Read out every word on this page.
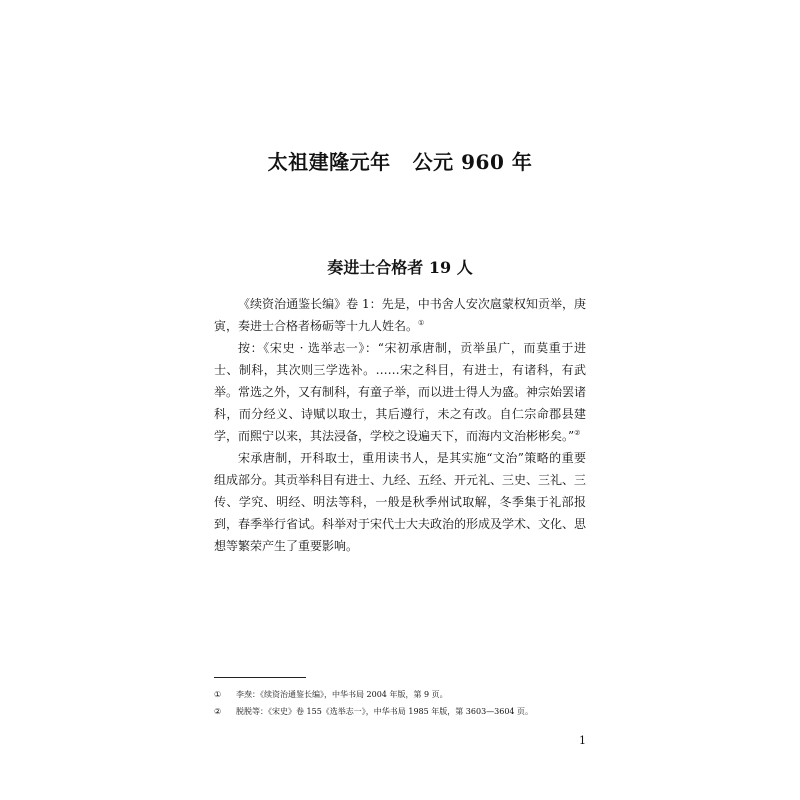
太祖建隆元年 公元 960 年
奏进士合格者 19 人

《续资治通鉴长编》卷 1：先是，中书舍人安次扈蒙权知贡举，庚寅，奏进士合格者杨砺等十九人姓名。①

按：《宋史 · 选举志一》：“宋初承唐制，贡举虽广，而莫重于进士、制科，其次则三学选补。……宋之科目，有进士，有诸科，有武举。常选之外，又有制科，有童子举，而以进士得人为盛。神宗始罢诸科，而分经义、诗赋以取士，其后遵行，未之有改。自仁宗命郡县建学，而熙宁以来，其法浸备，学校之设遍天下，而海内文治彬彬矣。”②

宋承唐制，开科取士，重用读书人，是其实施“文治”策略的重要组成部分。其贡举科目有进士、九经、五经、开元礼、三史、三礼、三传、学究、明经、明法等科，一般是秋季州试取解，冬季集于礼部报到，春季举行省试。科举对于宋代士大夫政治的形成及学术、文化、思想等繁荣产生了重要影响。

① 李焘：《续资治通鉴长编》，中华书局 2004 年版，第 9 页。
② 脱脱等：《宋史》卷 155《选举志一》，中华书局 1985 年版，第 3603—3604 页。
1
